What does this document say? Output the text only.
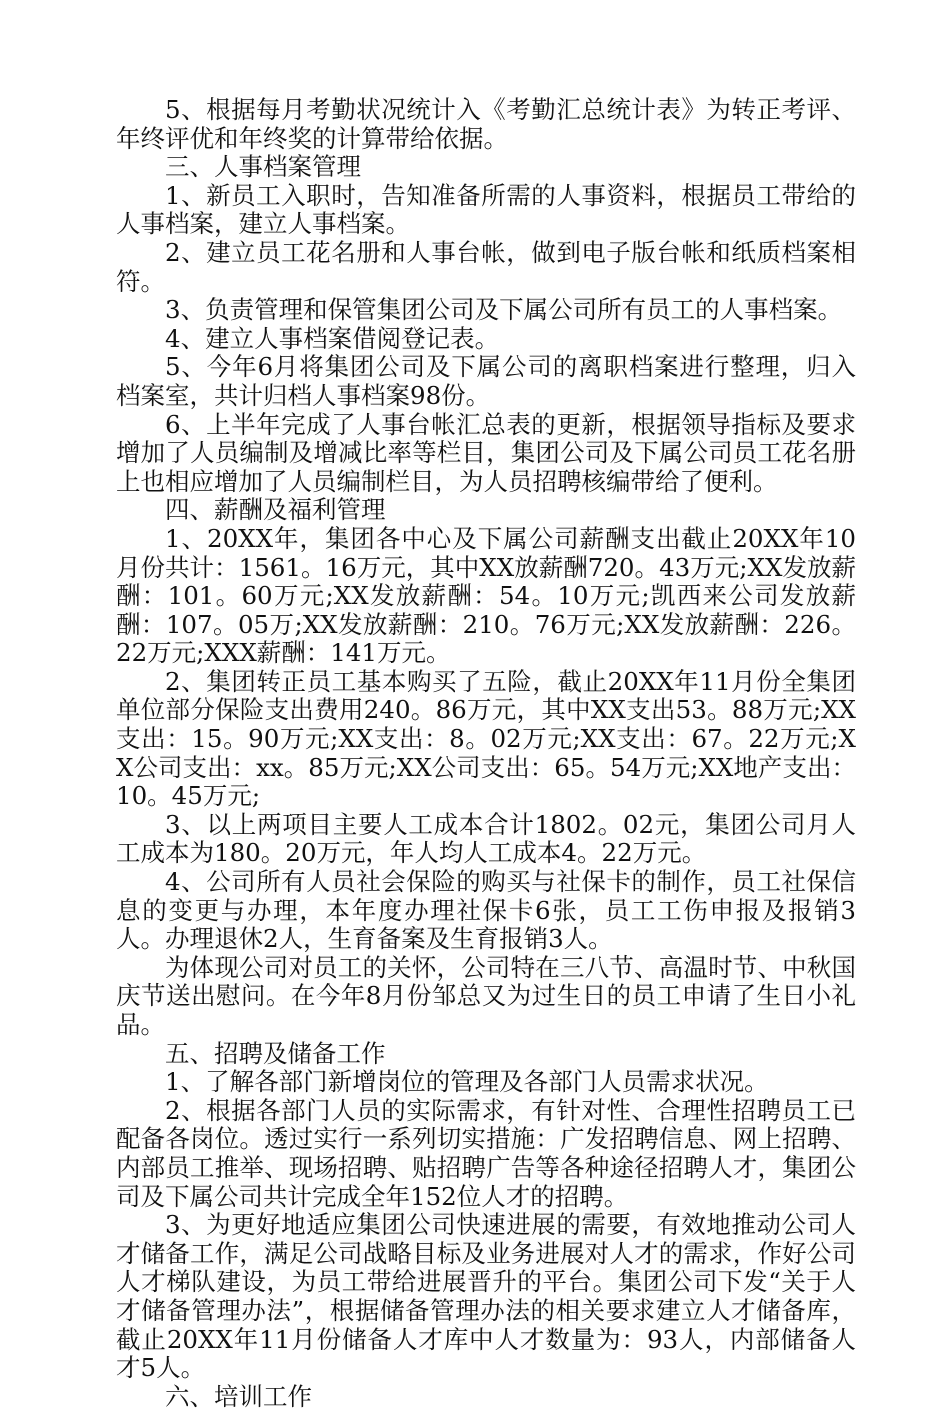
5、根据每月考勤状况统计入《考勤汇总统计表》为转正考评、年终评优和年终奖的计算带给依据。

三、人事档案管理

1、新员工入职时，告知准备所需的人事资料，根据员工带给的人事档案，建立人事档案。

2、建立员工花名册和人事台帐，做到电子版台帐和纸质档案相符。

3、负责管理和保管集团公司及下属公司所有员工的人事档案。

4、建立人事档案借阅登记表。

5、今年6月将集团公司及下属公司的离职档案进行整理，归入档案室，共计归档人事档案98份。

6、上半年完成了人事台帐汇总表的更新，根据领导指标及要求增加了人员编制及增减比率等栏目，集团公司及下属公司员工花名册上也相应增加了人员编制栏目，为人员招聘核编带给了便利。

四、薪酬及福利管理

1、20XX年，集团各中心及下属公司薪酬支出截止20XX年10月份共计：1561。16万元，其中XX放薪酬720。43万元;XX发放薪酬：101。60万元;XX发放薪酬：54。10万元;凯西来公司发放薪酬：107。05万;XX发放薪酬：210。76万元;XX发放薪酬：226。22万元;XXX薪酬：141万元。

2、集团转正员工基本购买了五险，截止20XX年11月份全集团单位部分保险支出费用240。86万元，其中XX支出53。88万元;XX支出：15。90万元;XX支出：8。02万元;XX支出：67。22万元;XX公司支出：xx。85万元;XX公司支出：65。54万元;XX地产支出：10。45万元;

3、以上两项目主要人工成本合计1802。02元，集团公司月人工成本为180。20万元，年人均人工成本4。22万元。

4、公司所有人员社会保险的购买与社保卡的制作，员工社保信息的变更与办理，本年度办理社保卡6张，员工工伤申报及报销3人。办理退休2人，生育备案及生育报销3人。

为体现公司对员工的关怀，公司特在三八节、高温时节、中秋国庆节送出慰问。在今年8月份邹总又为过生日的员工申请了生日小礼品。

五、招聘及储备工作

1、了解各部门新增岗位的管理及各部门人员需求状况。

2、根据各部门人员的实际需求，有针对性、合理性招聘员工已配备各岗位。透过实行一系列切实措施：广发招聘信息、网上招聘、内部员工推举、现场招聘、贴招聘广告等各种途径招聘人才，集团公司及下属公司共计完成全年152位人才的招聘。

3、为更好地适应集团公司快速进展的需要，有效地推动公司人才储备工作，满足公司战略目标及业务进展对人才的需求，作好公司人才梯队建设，为员工带给进展晋升的平台。集团公司下发“关于人才储备管理办法”，根据储备管理办法的相关要求建立人才储备库，截止20XX年11月份储备人才库中人才数量为：93人，内部储备人才5人。

六、培训工作
